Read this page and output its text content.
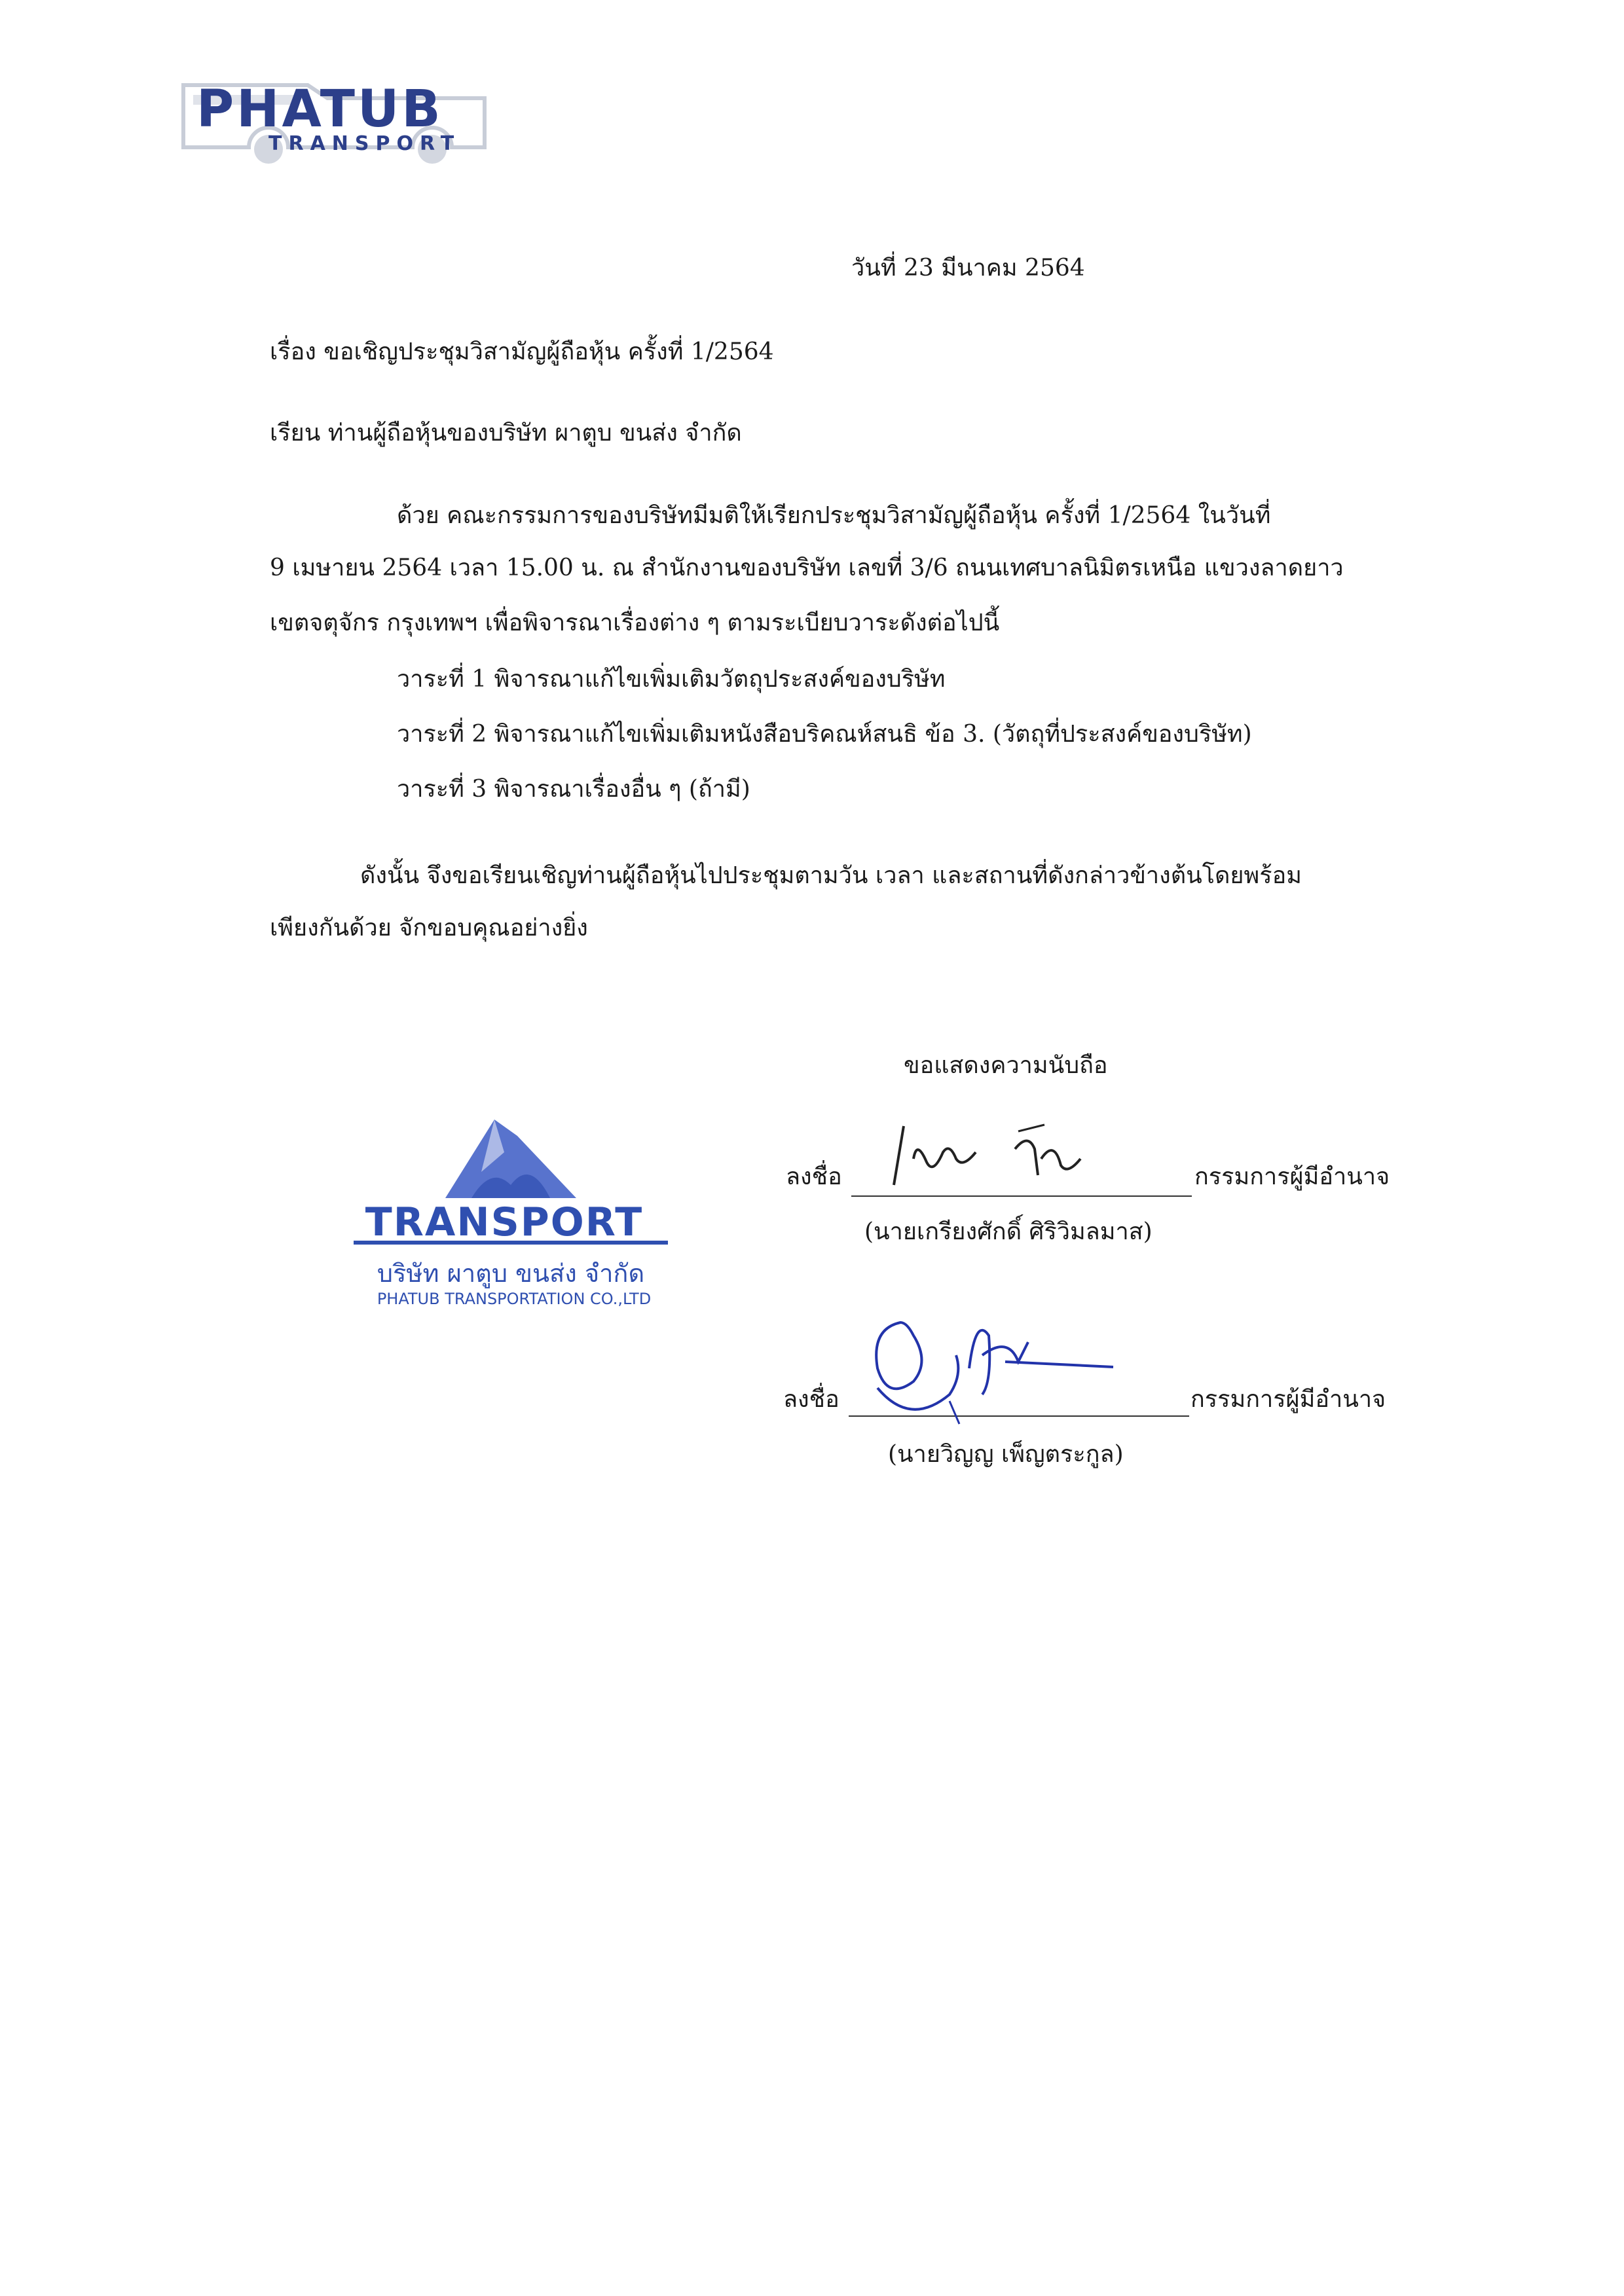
PHATUB
TRANSPORT
วันที่ 23 มีนาคม 2564
เรื่อง ขอเชิญประชุมวิสามัญผู้ถือหุ้น ครั้งที่ 1/2564
เรียน ท่านผู้ถือหุ้นของบริษัท ผาตูบ ขนส่ง จำกัด
ด้วย คณะกรรมการของบริษัทมีมติให้เรียกประชุมวิสามัญผู้ถือหุ้น ครั้งที่ 1/2564 ในวันที่
9 เมษายน 2564 เวลา 15.00 น. ณ สำนักงานของบริษัท เลขที่ 3/6 ถนนเทศบาลนิมิตรเหนือ แขวงลาดยาว
เขตจตุจักร กรุงเทพฯ เพื่อพิจารณาเรื่องต่าง ๆ ตามระเบียบวาระดังต่อไปนี้
วาระที่ 1 พิจารณาแก้ไขเพิ่มเติมวัตถุประสงค์ของบริษัท
วาระที่ 2 พิจารณาแก้ไขเพิ่มเติมหนังสือบริคณห์สนธิ ข้อ 3. (วัตถุที่ประสงค์ของบริษัท)
วาระที่ 3 พิจารณาเรื่องอื่น ๆ (ถ้ามี)
ดังนั้น จึงขอเรียนเชิญท่านผู้ถือหุ้นไปประชุมตามวัน เวลา และสถานที่ดังกล่าวข้างต้นโดยพร้อม
เพียงกันด้วย จักขอบคุณอย่างยิ่ง
ขอแสดงความนับถือ
ลงชื่อ	กรรมการผู้มีอำนาจ
(นายเกรียงศักดิ์ ศิริวิมลมาส)
ลงชื่อ	กรรมการผู้มีอำนาจ
(นายวิญญ เพ็ญตระกูล)
TRANSPORT
บริษัท ผาตูบ ขนส่ง จำกัด
PHATUB TRANSPORTATION CO.,LTD
